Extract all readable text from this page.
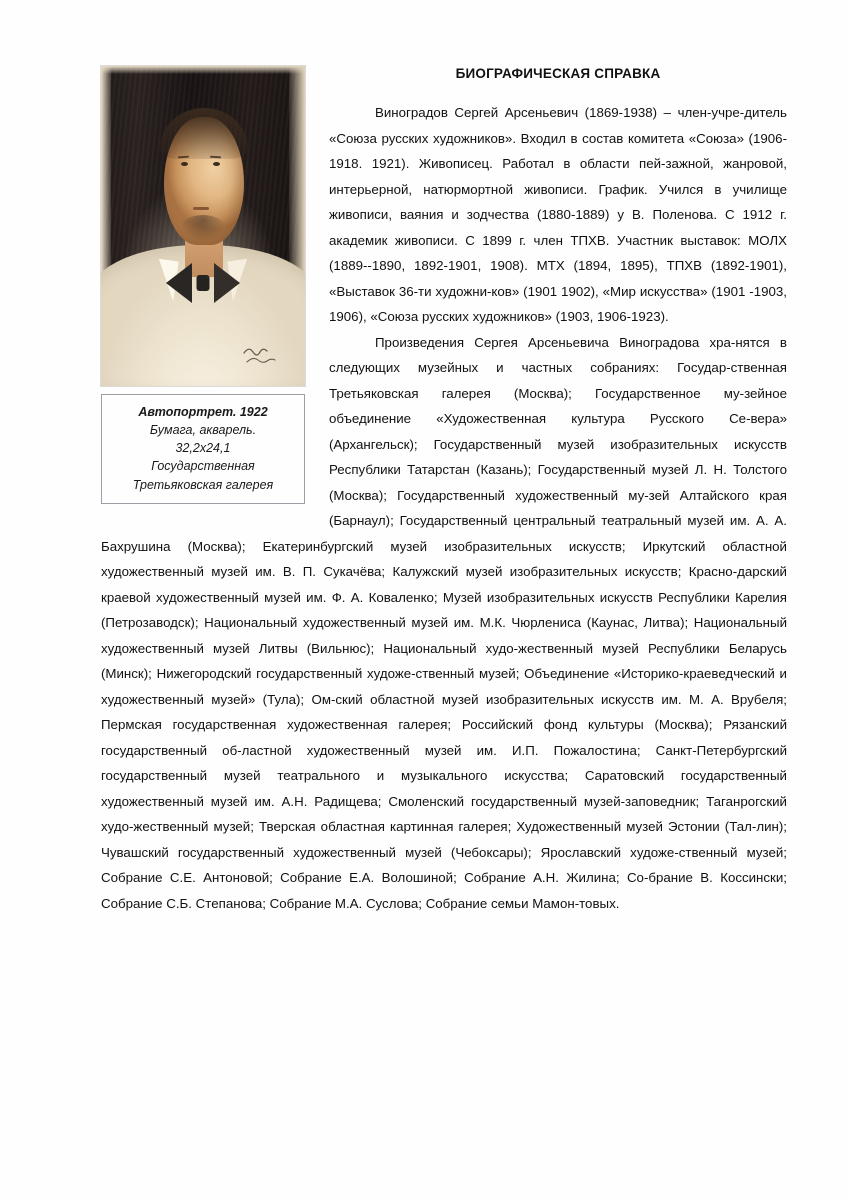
Автопортрет. 1922
Бумага, акварель.
32,2х24,1
Государственная
Третьяковская галерея
БИОГРАФИЧЕСКАЯ СПРАВКА

Виноградов Сергей Арсеньевич (1869-1938) – член-учре-дитель «Союза русских художников». Входил в состав комитета «Союза» (1906-1918. 1921). Живописец. Работал в области пей-зажной, жанровой, интерьерной, натюрмортной живописи. График. Учился в училище живописи, ваяния и зодчества (1880-1889) у В. Поленова. С 1912 г. академик живописи. С 1899 г. член ТПХВ. Участник выставок: МОЛХ (1889--1890, 1892-1901, 1908). МТХ (1894, 1895), ТПХВ (1892-1901), «Выставок 36-ти художни-ков» (1901 1902), «Мир искусства» (1901 -1903, 1906), «Союза русских художников» (1903, 1906-1923).

Произведения Сергея Арсеньевича Виноградова хра-нятся в следующих музейных и частных собраниях: Государ-ственная Третьяковская галерея (Москва); Государственное му-зейное объединение «Художественная культура Русского Се-вера» (Архангельск); Государственный музей изобразительных искусств Республики Татарстан (Казань); Государственный музей Л. Н. Толстого (Москва); Государственный художественный му-зей Алтайского края (Барнаул); Государственный центральный театральный музей им. А. А. Бахрушина (Москва); Екатеринбургский музей изобразительных искусств; Иркутский областной художественный музей им. В. П. Сукачёва; Калужский музей изобразительных искусств; Красно-дарский краевой художественный музей им. Ф. А. Коваленко; Музей изобразительных искусств Республики Карелия (Петрозаводск); Национальный художественный музей им. М.К. Чюрлениса (Каунас, Литва); Национальный художественный музей Литвы (Вильнюс); Национальный худо-жественный музей Республики Беларусь (Минск); Нижегородский государственный художе-ственный музей; Объединение «Историко-краеведческий и художественный музей» (Тула); Ом-ский областной музей изобразительных искусств им. М. А. Врубеля; Пермская государственная художественная галерея; Российский фонд культуры (Москва); Рязанский государственный об-ластной художественный музей им. И.П. Пожалостина; Санкт-Петербургский государственный музей театрального и музыкального искусства; Саратовский государственный художественный музей им. А.Н. Радищева; Смоленский государственный музей-заповедник; Таганрогский худо-жественный музей; Тверская областная картинная галерея; Художественный музей Эстонии (Тал-лин); Чувашский государственный художественный музей (Чебоксары); Ярославский художе-ственный музей; Собрание С.Е. Антоновой; Собрание Е.А. Волошиной; Собрание А.Н. Жилина; Со-брание В. Коссински; Собрание С.Б. Степанова; Собрание М.А. Суслова; Собрание семьи Мамон-товых.
